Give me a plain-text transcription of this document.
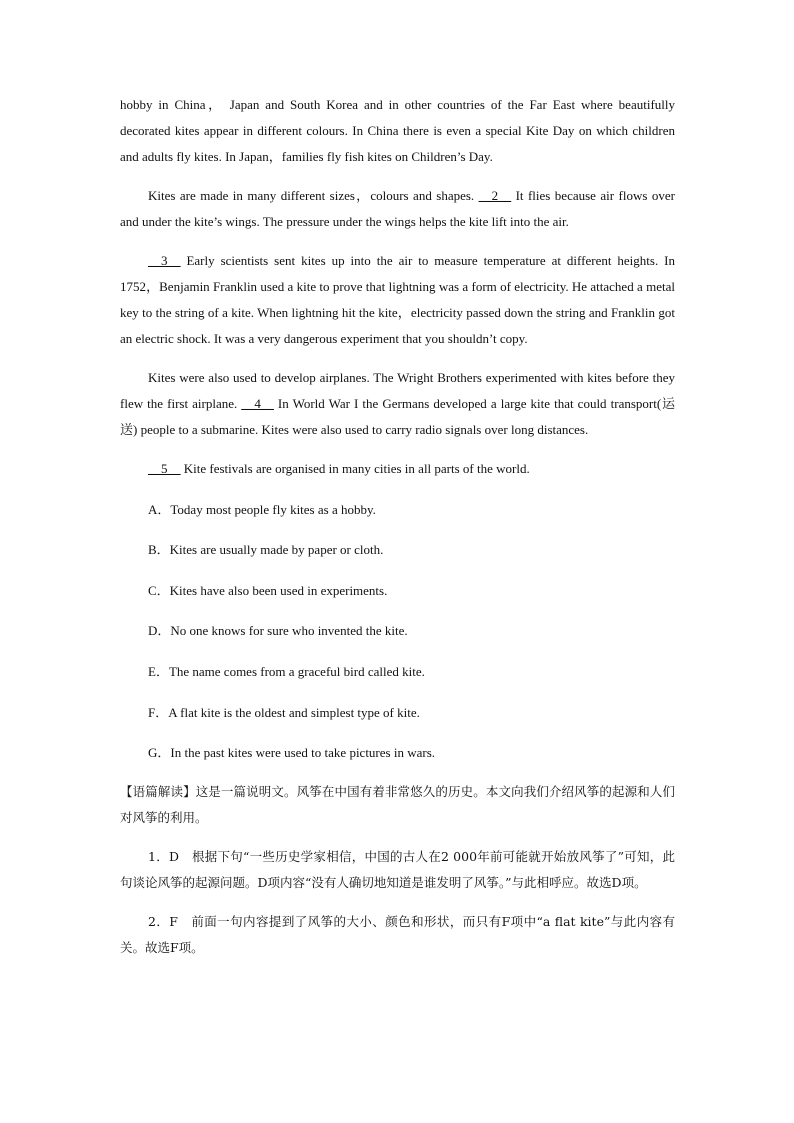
hobby in China， Japan and South Korea and in other countries of the Far East where beautifully decorated kites appear in different colours. In China there is even a special Kite Day on which children and adults fly kites. In Japan，families fly fish kites on Children’s Day.

Kites are made in many different sizes，colours and shapes. __2__ It flies because air flows over and under the kite’s wings. The pressure under the wings helps the kite lift into the air.

__3__ Early scientists sent kites up into the air to measure temperature at different heights. In 1752，Benjamin Franklin used a kite to prove that lightning was a form of electricity. He attached a metal key to the string of a kite. When lightning hit the kite，electricity passed down the string and Franklin got an electric shock. It was a very dangerous experiment that you shouldn’t copy.

Kites were also used to develop airplanes. The Wright Brothers experimented with kites before they flew the first airplane. __4__ In World War I the Germans developed a large kite that could transport(运送) people to a submarine. Kites were also used to carry radio signals over long distances.

__5__ Kite festivals are organised in many cities in all parts of the world.

A．Today most people fly kites as a hobby.
B．Kites are usually made by paper or cloth.
C．Kites have also been used in experiments.
D．No one knows for sure who invented the kite.
E．The name comes from a graceful bird called kite.
F．A flat kite is the oldest and simplest type of kite.
G．In the past kites were used to take pictures in wars.

【语篇解读】这是一篇说明文。风筝在中国有着非常悠久的历史。本文向我们介绍风筝的起源和人们对风筝的利用。

1．D　根据下句“一些历史学家相信，中国的古人在2 000年前可能就开始放风筝了”可知，此句谈论风筝的起源问题。D项内容“没有人确切地知道是谁发明了风筝。”与此相呼应。故选D项。

2．F　前面一句内容提到了风筝的大小、颜色和形状，而只有F项中“a flat kite”与此内容有关。故选F项。
